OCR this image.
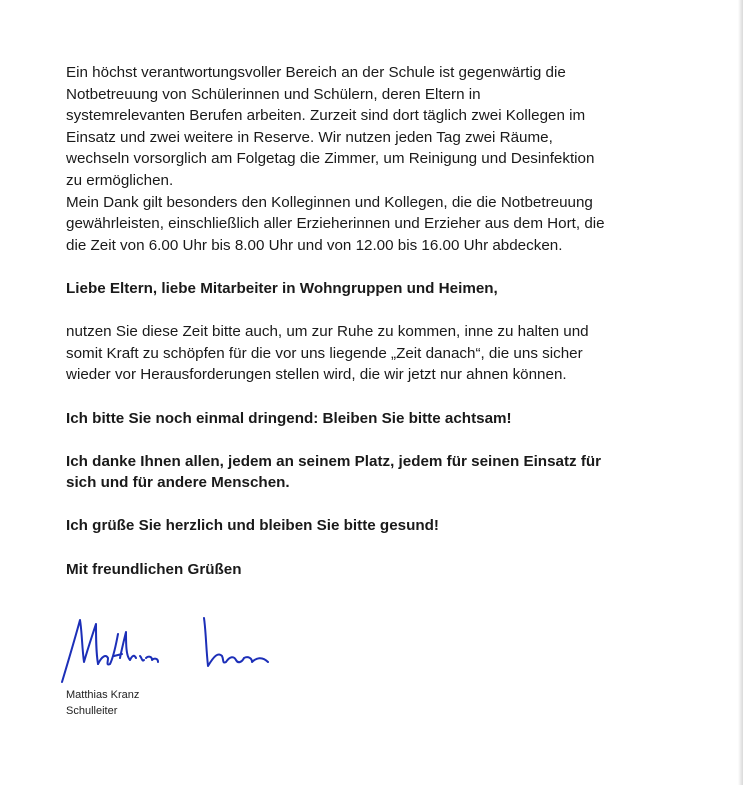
Ein höchst verantwortungsvoller Bereich an der Schule ist gegenwärtig die
Notbetreuung von Schülerinnen und Schülern, deren Eltern in
systemrelevanten Berufen arbeiten. Zurzeit sind dort täglich zwei Kollegen im
Einsatz und zwei weitere in Reserve. Wir nutzen jeden Tag zwei Räume,
wechseln vorsorglich am Folgetag die Zimmer, um Reinigung und Desinfektion
zu ermöglichen.
Mein Dank gilt besonders den Kolleginnen und Kollegen, die die Notbetreuung
gewährleisten, einschließlich aller Erzieherinnen und Erzieher aus dem Hort, die
die Zeit von 6.00 Uhr bis 8.00 Uhr und von 12.00 bis 16.00 Uhr abdecken.
Liebe Eltern, liebe Mitarbeiter in Wohngruppen und Heimen,
nutzen Sie diese Zeit bitte auch, um zur Ruhe zu kommen, inne zu halten und
somit Kraft zu schöpfen für die vor uns liegende „Zeit danach“, die uns sicher
wieder vor Herausforderungen stellen wird, die wir jetzt nur ahnen können.
Ich bitte Sie noch einmal dringend: Bleiben Sie bitte achtsam!
Ich danke Ihnen allen, jedem an seinem Platz, jedem für seinen Einsatz für
sich und für andere Menschen.
Ich grüße Sie herzlich und bleiben Sie bitte gesund!
Mit freundlichen Grüßen
Matthias Kranz
Schulleiter
